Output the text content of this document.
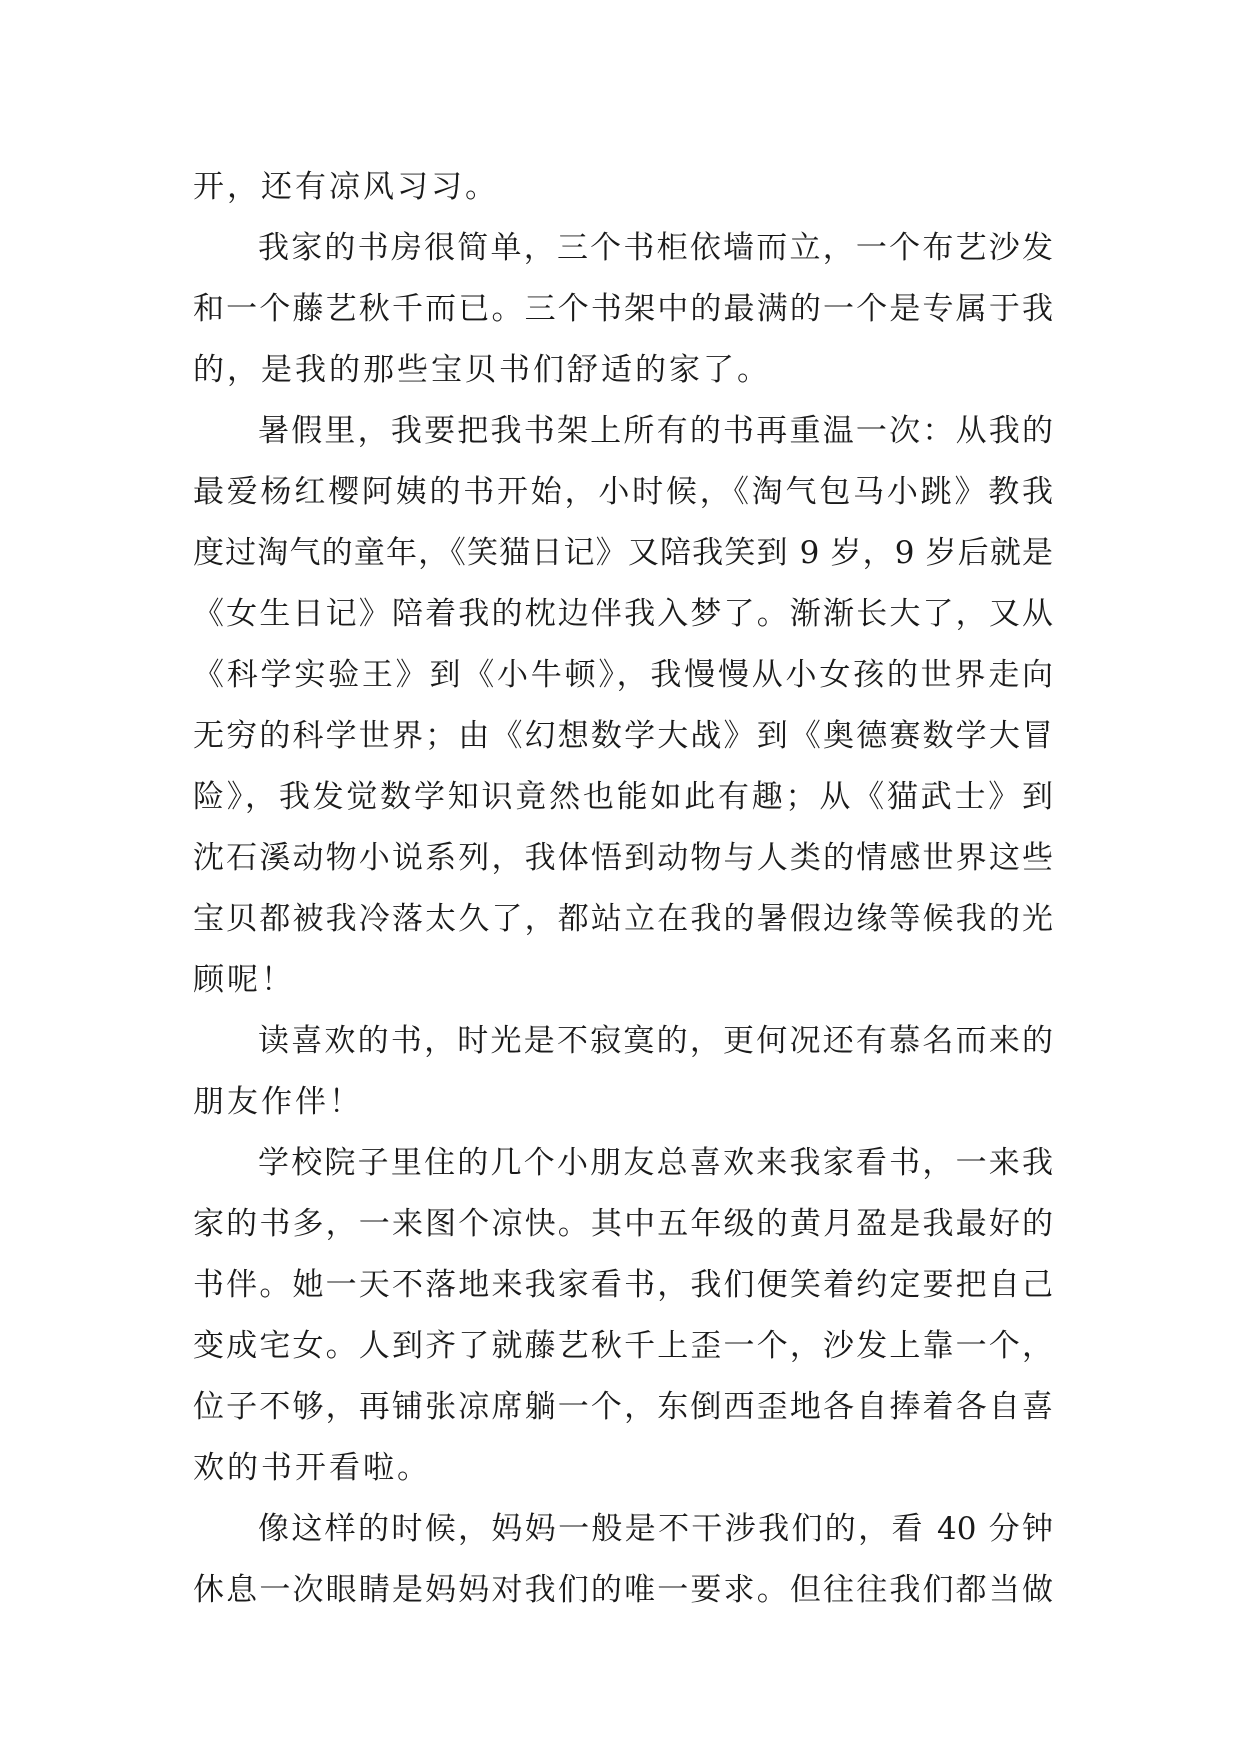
开，还有凉风习习。
我家的书房很简单，三个书柜依墙而立，一个布艺沙发
和一个藤艺秋千而已。三个书架中的最满的一个是专属于我
的，是我的那些宝贝书们舒适的家了。
暑假里，我要把我书架上所有的书再重温一次：从我的
最爱杨红樱阿姨的书开始，小时候，《淘气包马小跳》教我
度过淘气的童年，《笑猫日记》又陪我笑到 9 岁，9 岁后就是
《女生日记》陪着我的枕边伴我入梦了。渐渐长大了，又从
《科学实验王》到《小牛顿》，我慢慢从小女孩的世界走向
无穷的科学世界；由《幻想数学大战》到《奥德赛数学大冒
险》，我发觉数学知识竟然也能如此有趣；从《猫武士》到
沈石溪动物小说系列，我体悟到动物与人类的情感世界这些
宝贝都被我冷落太久了，都站立在我的暑假边缘等候我的光
顾呢！
读喜欢的书，时光是不寂寞的，更何况还有慕名而来的
朋友作伴！
学校院子里住的几个小朋友总喜欢来我家看书，一来我
家的书多，一来图个凉快。其中五年级的黄月盈是我最好的
书伴。她一天不落地来我家看书，我们便笑着约定要把自己
变成宅女。人到齐了就藤艺秋千上歪一个，沙发上靠一个，
位子不够，再铺张凉席躺一个，东倒西歪地各自捧着各自喜
欢的书开看啦。
像这样的时候，妈妈一般是不干涉我们的，看 40 分钟
休息一次眼睛是妈妈对我们的唯一要求。但往往我们都当做
